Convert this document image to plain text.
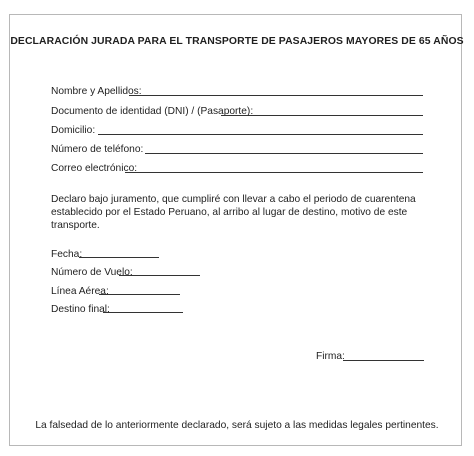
DECLARACIÓN JURADA PARA EL TRANSPORTE DE PASAJEROS MAYORES DE 65 AÑOS
Nombre y Apellidos:
Documento de identidad (DNI) / (Pasaporte):
Domicilio:
Número de teléfono:
Correo electrónico:
Declaro bajo juramento, que cumpliré con llevar a cabo el periodo de cuarentena establecido por el Estado Peruano, al arribo al lugar de destino, motivo de este transporte.
Fecha:
Número de Vuelo:
Línea Aérea:
Destino final:
Firma:
La falsedad de lo anteriormente declarado, será sujeto a las medidas legales pertinentes.
